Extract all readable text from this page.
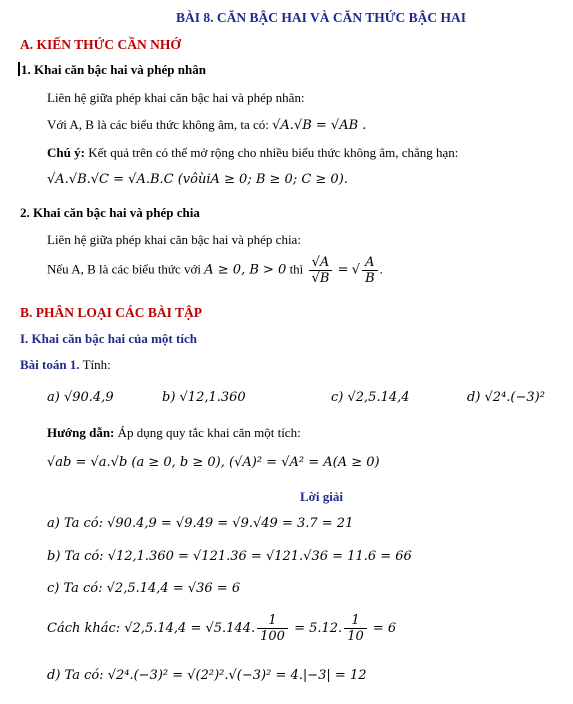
BÀI 8. CĂN BẬC HAI VÀ CĂN THỨC BẬC HAI
A. KIẾN THỨC CẦN NHỚ
1. Khai căn bậc hai và phép nhân
Liên hệ giữa phép khai căn bậc hai và phép nhân:
Với A, B là các biểu thức không âm, ta có: √A.√B = √AB .
Chú ý: Kết quả trên có thể mở rộng cho nhiều biểu thức không âm, chẳng hạn:
√A.√B.√C = √A.B.C (vôùiA ≥ 0; B ≥ 0; C ≥ 0).
2. Khai căn bậc hai và phép chia
Liên hệ giữa phép khai căn bậc hai và phép chia:
Nếu A, B là các biểu thức với A ≥ 0, B > 0 thì $\frac{√A}{√B}$ = √ $\frac{A}{B}$ .
B. PHÂN LOẠI CÁC BÀI TẬP
I. Khai căn bậc hai của một tích
Bài toán 1. Tính:
a) √90.4,9	b) √12,1.360	c) √2,5.14,4	d) √2⁴.(−3)²
Hướng dẫn: Áp dụng quy tắc khai căn một tích:
√ab = √a.√b (a ≥ 0, b ≥ 0), (√A)² = √A² = A(A ≥ 0)
Lời giải
a) Ta có: √90.4,9 = √9.49 = √9.√49 = 3.7 = 21
b) Ta có: √12,1.360 = √121.36 = √121.√36 = 11.6 = 66
c) Ta có: √2,5.14,4 = √36 = 6
Cách khác: √2,5.14,4 = √5.144. $\frac{1}{100} = 5.12$. $\frac{1}{10} = 6$
d) Ta có: √2⁴.(−3)² = √(2²)².√(−3)² = 4.|−3| = 12
